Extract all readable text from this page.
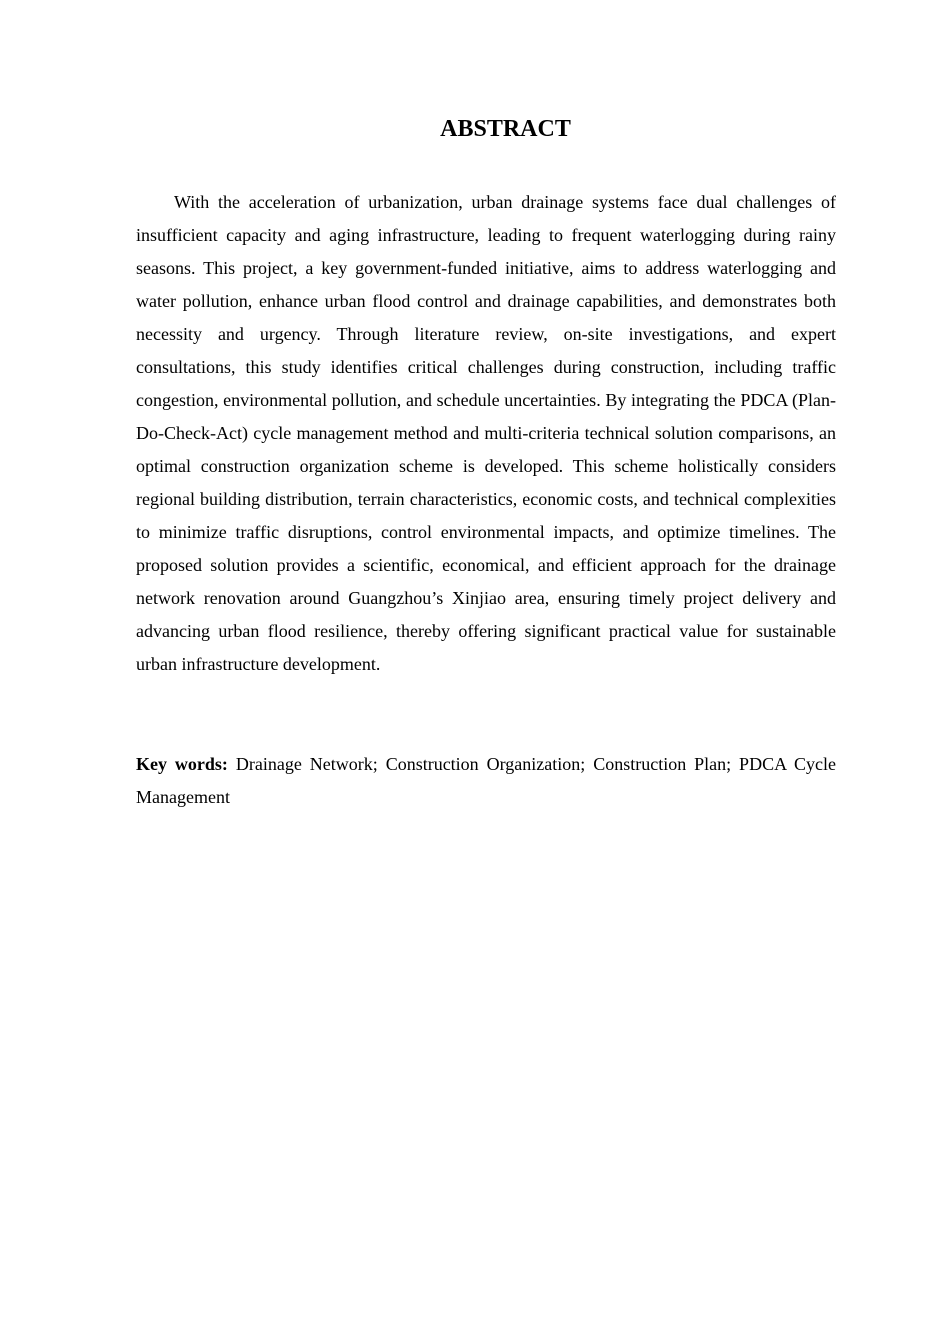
ABSTRACT

With the acceleration of urbanization, urban drainage systems face dual challenges of insufficient capacity and aging infrastructure, leading to frequent waterlogging during rainy seasons. This project, a key government-funded initiative, aims to address waterlogging and water pollution, enhance urban flood control and drainage capabilities, and demonstrates both necessity and urgency. Through literature review, on-site investigations, and expert consultations, this study identifies critical challenges during construction, including traffic congestion, environmental pollution, and schedule uncertainties. By integrating the PDCA (Plan-Do-Check-Act) cycle management method and multi-criteria technical solution comparisons, an optimal construction organization scheme is developed. This scheme holistically considers regional building distribution, terrain characteristics, economic costs, and technical complexities to minimize traffic disruptions, control environmental impacts, and optimize timelines. The proposed solution provides a scientific, economical, and efficient approach for the drainage network renovation around Guangzhou’s Xinjiao area, ensuring timely project delivery and advancing urban flood resilience, thereby offering significant practical value for sustainable urban infrastructure development.

Key words: Drainage Network; Construction Organization; Construction Plan; PDCA Cycle Management
